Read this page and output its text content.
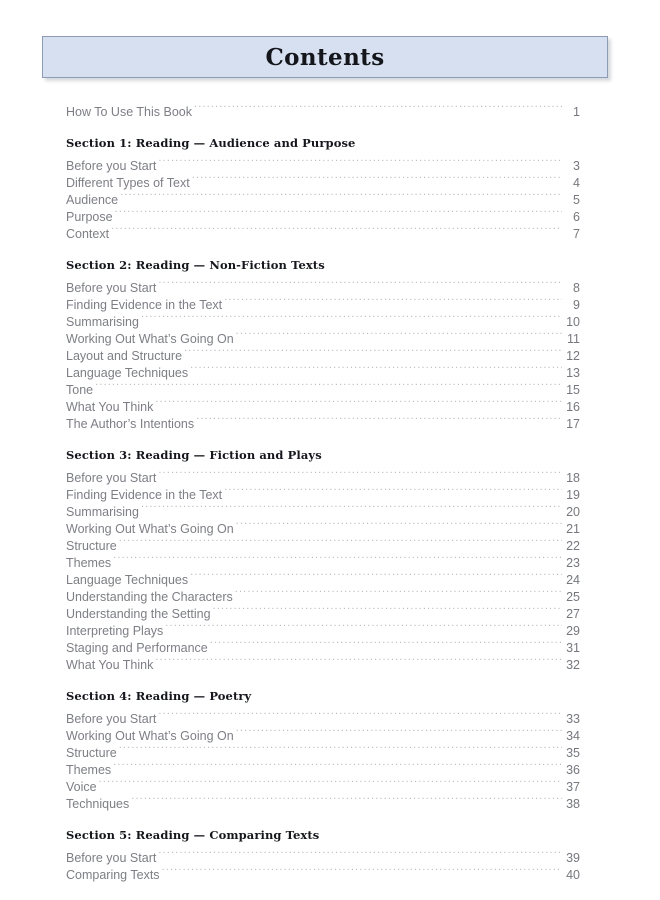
Contents
How To Use This Book .....	1
Section 1: Reading — Audience and Purpose
Before you Start .....	3
Different Types of Text .....	4
Audience .....	5
Purpose .....	6
Context .....	7
Section 2: Reading — Non-Fiction Texts
Before you Start .....	8
Finding Evidence in the Text .....	9
Summarising .....	10
Working Out What’s Going On .....	11
Layout and Structure .....	12
Language Techniques .....	13
Tone .....	15
What You Think .....	16
The Author’s Intentions .....	17
Section 3: Reading — Fiction and Plays
Before you Start .....	18
Finding Evidence in the Text .....	19
Summarising .....	20
Working Out What’s Going On .....	21
Structure .....	22
Themes .....	23
Language Techniques .....	24
Understanding the Characters .....	25
Understanding the Setting .....	27
Interpreting Plays .....	29
Staging and Performance .....	31
What You Think .....	32
Section 4: Reading — Poetry
Before you Start .....	33
Working Out What’s Going On .....	34
Structure .....	35
Themes .....	36
Voice .....	37
Techniques .....	38
Section 5: Reading — Comparing Texts
Before you Start .....	39
Comparing Texts .....	40
